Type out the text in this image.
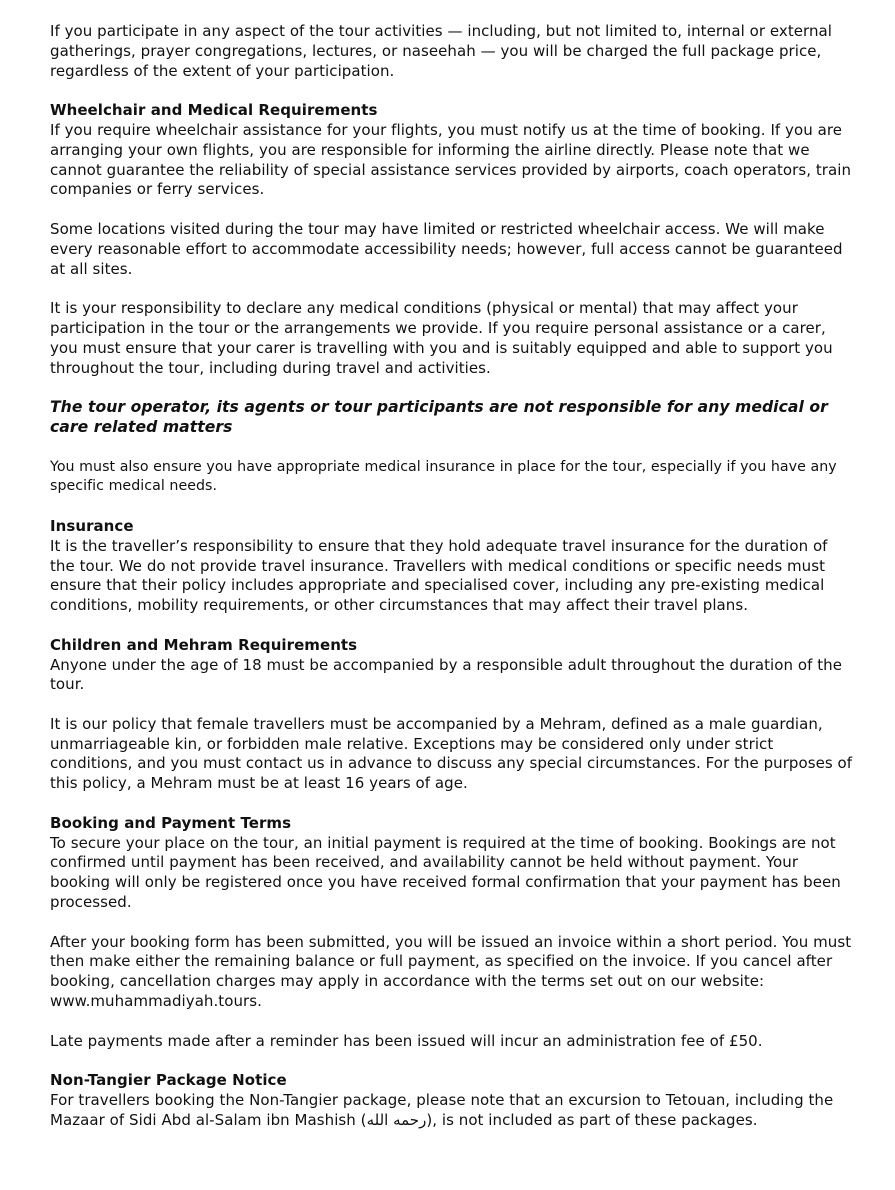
If you participate in any aspect of the tour activities — including, but not limited to, internal or external gatherings, prayer congregations, lectures, or naseehah — you will be charged the full package price, regardless of the extent of your participation.

Wheelchair and Medical Requirements

If you require wheelchair assistance for your flights, you must notify us at the time of booking. If you are arranging your own flights, you are responsible for informing the airline directly. Please note that we cannot guarantee the reliability of special assistance services provided by airports, coach operators, train companies or ferry services.

Some locations visited during the tour may have limited or restricted wheelchair access. We will make every reasonable effort to accommodate accessibility needs; however, full access cannot be guaranteed at all sites.

It is your responsibility to declare any medical conditions (physical or mental) that may affect your participation in the tour or the arrangements we provide. If you require personal assistance or a carer, you must ensure that your carer is travelling with you and is suitably equipped and able to support you throughout the tour, including during travel and activities.

The tour operator, its agents or tour participants are not responsible for any medical or care related matters

You must also ensure you have appropriate medical insurance in place for the tour, especially if you have any specific medical needs.

Insurance

It is the traveller’s responsibility to ensure that they hold adequate travel insurance for the duration of the tour. We do not provide travel insurance. Travellers with medical conditions or specific needs must ensure that their policy includes appropriate and specialised cover, including any pre-existing medical conditions, mobility requirements, or other circumstances that may affect their travel plans.

Children and Mehram Requirements

Anyone under the age of 18 must be accompanied by a responsible adult throughout the duration of the tour.

It is our policy that female travellers must be accompanied by a Mehram, defined as a male guardian, unmarriageable kin, or forbidden male relative. Exceptions may be considered only under strict conditions, and you must contact us in advance to discuss any special circumstances. For the purposes of this policy, a Mehram must be at least 16 years of age.

Booking and Payment Terms

To secure your place on the tour, an initial payment is required at the time of booking. Bookings are not confirmed until payment has been received, and availability cannot be held without payment. Your booking will only be registered once you have received formal confirmation that your payment has been processed.

After your booking form has been submitted, you will be issued an invoice within a short period. You must then make either the remaining balance or full payment, as specified on the invoice. If you cancel after booking, cancellation charges may apply in accordance with the terms set out on our website: www.muhammadiyah.tours.

Late payments made after a reminder has been issued will incur an administration fee of £50.

Non-Tangier Package Notice

For travellers booking the Non-Tangier package, please note that an excursion to Tetouan, including the Mazaar of Sidi Abd al-Salam ibn Mashish (رحمه الله), is not included as part of these packages.
